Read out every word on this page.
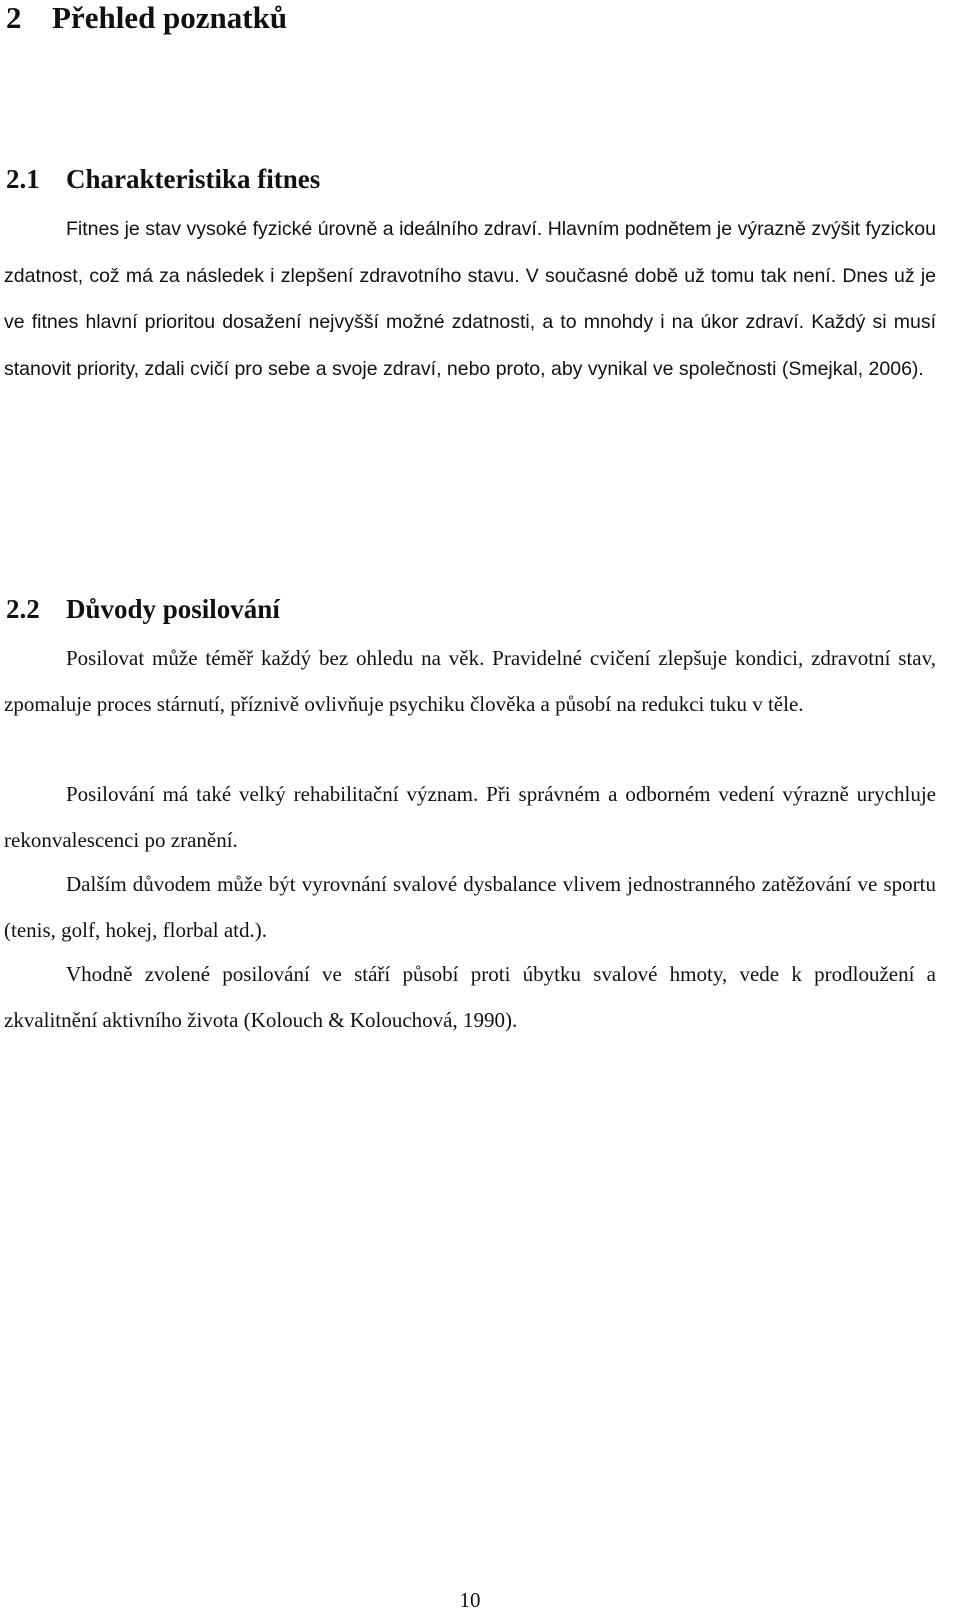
2 Přehled poznatků
2.1 Charakteristika fitnes

Fitnes je stav vysoké fyzické úrovně a ideálního zdraví. Hlavním podnětem je výrazně zvýšit fyzickou zdatnost, což má za následek i zlepšení zdravotního stavu. V současné době už tomu tak není. Dnes už je ve fitnes hlavní prioritou dosažení nejvyšší možné zdatnosti, a to mnohdy i na úkor zdraví. Každý si musí stanovit priority, zdali cvičí pro sebe a svoje zdraví, nebo proto, aby vynikal ve společnosti (Smejkal, 2006).

2.2 Důvody posilování

Posilovat může téměř každý bez ohledu na věk. Pravidelné cvičení zlepšuje kondici, zdravotní stav, zpomaluje proces stárnutí, příznivě ovlivňuje psychiku člověka a působí na redukci tuku v těle.

Posilování má také velký rehabilitační význam. Při správném a odborném vedení výrazně urychluje rekonvalescenci po zranění.

Dalším důvodem může být vyrovnání svalové dysbalance vlivem jednostranného zatěžování ve sportu (tenis, golf, hokej, florbal atd.).

Vhodně zvolené posilování ve stáří působí proti úbytku svalové hmoty, vede k prodloužení a zkvalitnění aktivního života (Kolouch & Kolouchová, 1990).

10
